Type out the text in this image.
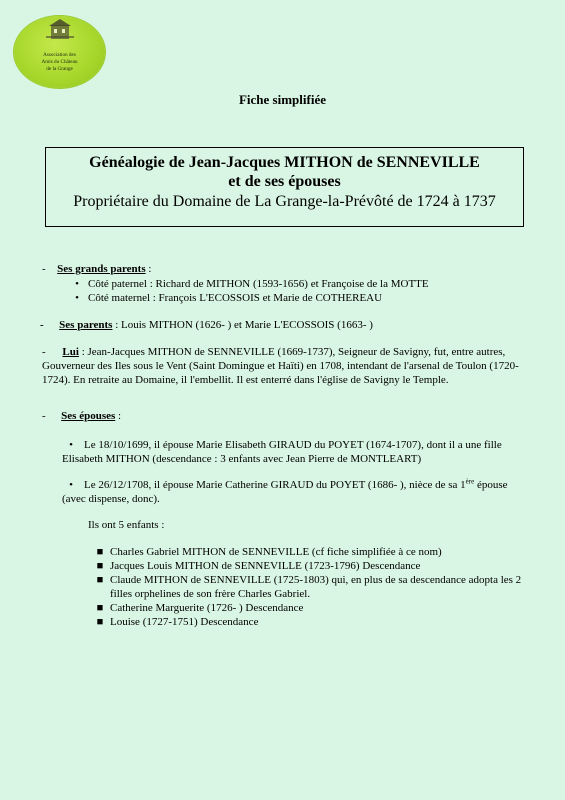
Association des
Amis du Château
de la Grange
Fiche simplifiée
Généalogie de Jean-Jacques MITHON de SENNEVILLE
et de ses épouses
Propriétaire du Domaine de La Grange-la-Prévôté de 1724 à 1737
- Ses grands parents :
• Côté paternel : Richard de MITHON (1593-1656) et Françoise de la MOTTE
• Côté maternel : François L'ECOSSOIS et Marie de COTHEREAU
- Ses parents : Louis MITHON (1626- ) et Marie L'ECOSSOIS (1663- )
- Lui : Jean-Jacques MITHON de SENNEVILLE (1669-1737), Seigneur de Savigny, fut, entre autres, Gouverneur des Iles sous le Vent (Saint Domingue et Haïti) en 1708, intendant de l'arsenal de Toulon (1720-1724). En retraite au Domaine, il l'embellit. Il est enterré dans l'église de Savigny le Temple.
- Ses épouses :
• Le 18/10/1699, il épouse Marie Elisabeth GIRAUD du POYET (1674-1707), dont il a une fille Elisabeth MITHON (descendance : 3 enfants avec Jean Pierre de MONTLEART)
• Le 26/12/1708, il épouse Marie Catherine GIRAUD du POYET (1686- ), nièce de sa 1ère épouse (avec dispense, donc).
Ils ont 5 enfants :
■ Charles Gabriel MITHON de SENNEVILLE (cf fiche simplifiée à ce nom)
■ Jacques Louis MITHON de SENNEVILLE (1723-1796) Descendance
■ Claude MITHON de SENNEVILLE (1725-1803) qui, en plus de sa descendance adopta les 2 filles orphelines de son frère Charles Gabriel.
■ Catherine Marguerite (1726- ) Descendance
■ Louise (1727-1751) Descendance
